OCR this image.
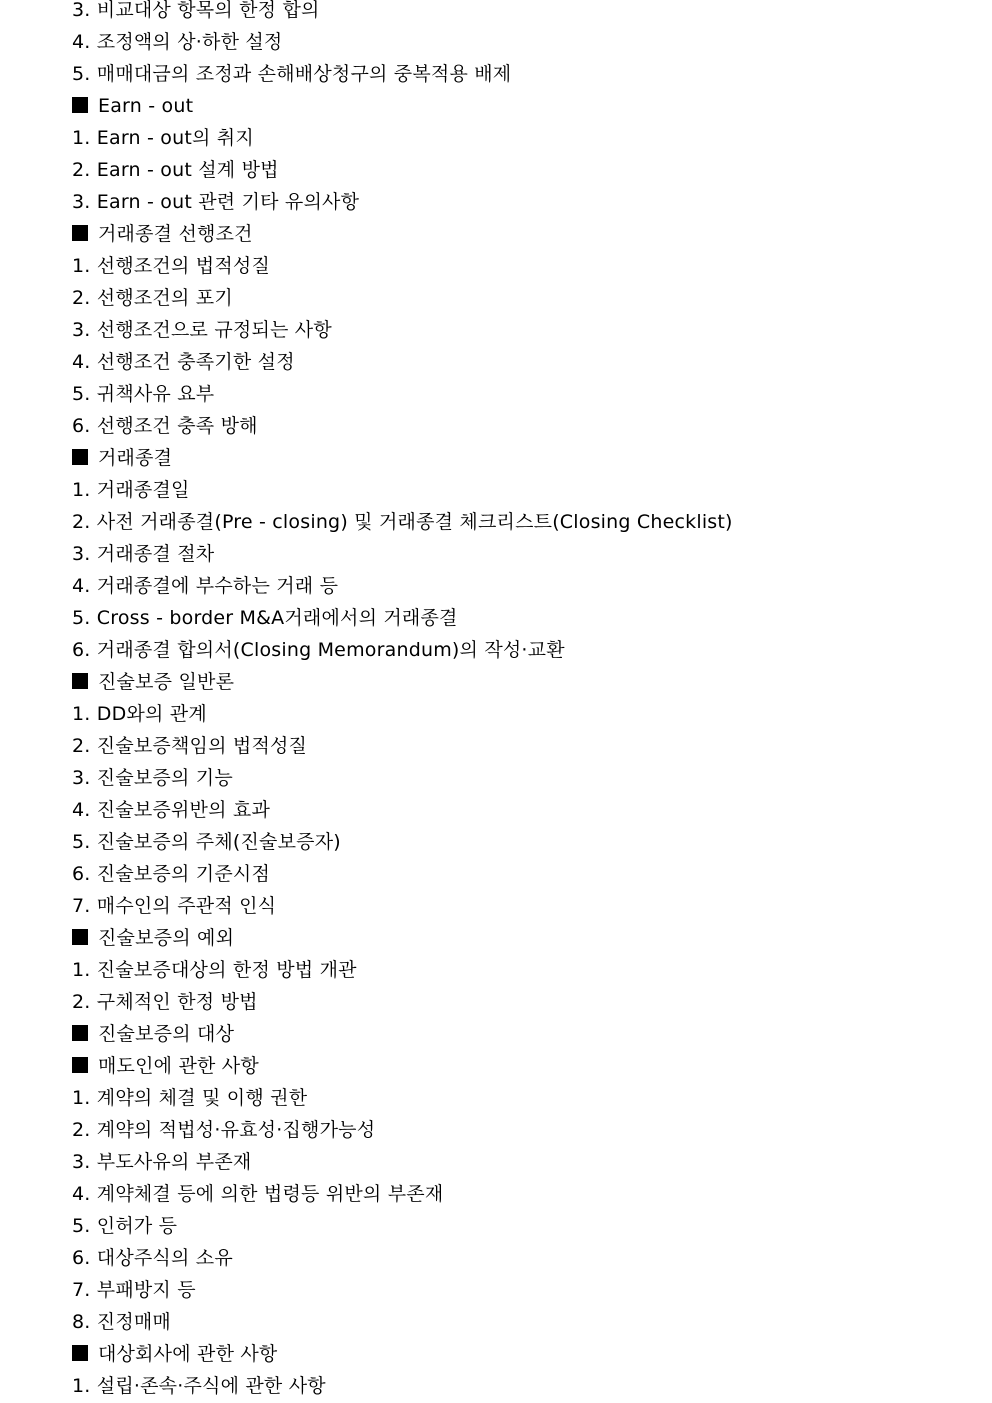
3. 비교대상 항목의 한정 합의
4. 조정액의 상·하한 설정
5. 매매대금의 조정과 손해배상청구의 중복적용 배제
Earn - out
1. Earn - out의 취지
2. Earn - out 설계 방법
3. Earn - out 관련 기타 유의사항
거래종결 선행조건
1. 선행조건의 법적성질
2. 선행조건의 포기
3. 선행조건으로 규정되는 사항
4. 선행조건 충족기한 설정
5. 귀책사유 요부
6. 선행조건 충족 방해
거래종결
1. 거래종결일
2. 사전 거래종결(Pre - closing) 및 거래종결 체크리스트(Closing Checklist)
3. 거래종결 절차
4. 거래종결에 부수하는 거래 등
5. Cross - border M&A거래에서의 거래종결
6. 거래종결 합의서(Closing Memorandum)의 작성·교환
진술보증 일반론
1. DD와의 관계
2. 진술보증책임의 법적성질
3. 진술보증의 기능
4. 진술보증위반의 효과
5. 진술보증의 주체(진술보증자)
6. 진술보증의 기준시점
7. 매수인의 주관적 인식
진술보증의 예외
1. 진술보증대상의 한정 방법 개관
2. 구체적인 한정 방법
진술보증의 대상
매도인에 관한 사항
1. 계약의 체결 및 이행 권한
2. 계약의 적법성·유효성·집행가능성
3. 부도사유의 부존재
4. 계약체결 등에 의한 법령등 위반의 부존재
5. 인허가 등
6. 대상주식의 소유
7. 부패방지 등
8. 진정매매
대상회사에 관한 사항
1. 설립·존속·주식에 관한 사항
